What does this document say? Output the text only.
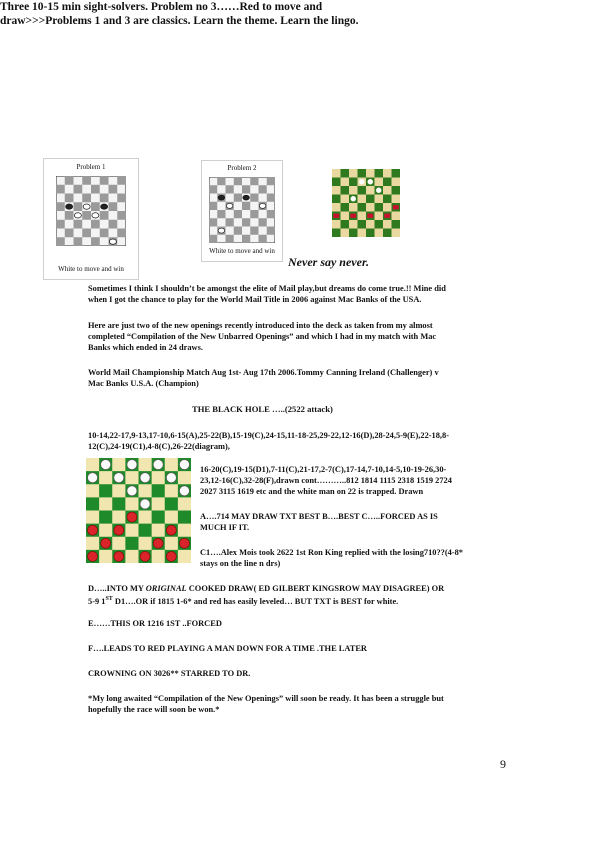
Three 10-15 min sight-solvers. Problem no 3……Red to move and
draw>>>Problems 1 and 3 are classics. Learn the theme. Learn the lingo.
Problem 1
White to move and win
Problem 2
White to move and win
Never say never.
Sometimes I think I shouldn’t be amongst the elite of Mail play,but dreams do come true.!! Mine did
when I got the chance to play for the World Mail Title in 2006 against Mac Banks of the USA.
Here are just two of the new openings recently introduced into the deck as taken from my almost
completed “Compilation of the New Unbarred Openings” and which I had in my match with Mac
Banks which ended in 24 draws.
World Mail Championship Match Aug 1st- Aug 17th 2006.Tommy Canning Ireland (Challenger) v
Mac Banks U.S.A. (Champion)
THE BLACK HOLE …..(2522 attack)
10-14,22-17,9-13,17-10,6-15(A),25-22(B),15-19(C),24-15,11-18-25,29-22,12-16(D),28-24,5-9(E),22-18,8-
12(C),24-19(C1),4-8(C),26-22(diagram),
16-20(C),19-15(D1),7-11(C),21-17,2-7(C),17-14,7-10,14-5,10-19-26,30-
23,12-16(C),32-28(F),drawn cont………..812 1814 1115 2318 1519 2724
2027 3115 1619 etc and the white man on 22 is trapped. Drawn
A….714 MAY DRAW TXT BEST B….BEST C…..FORCED AS IS
MUCH IF IT.
C1….Alex Mois took 2622 1st Ron King replied with the losing710??(4-8*
stays on the line n drs)
D…..INTO MY ORIGINAL COOKED DRAW( ED GILBERT KINGSROW MAY DISAGREE) OR
5-9 1ST D1….OR if 1815 1-6* and red has easily leveled… BUT TXT is BEST for white.
E……THIS OR 1216 1ST ..FORCED
F….LEADS TO RED PLAYING A MAN DOWN FOR A TIME .THE LATER
CROWNING ON 3026** STARRED TO DR.
*My long awaited “Compilation of the New Openings” will soon be ready. It has been a struggle but
hopefully the race will soon be won.*
9
